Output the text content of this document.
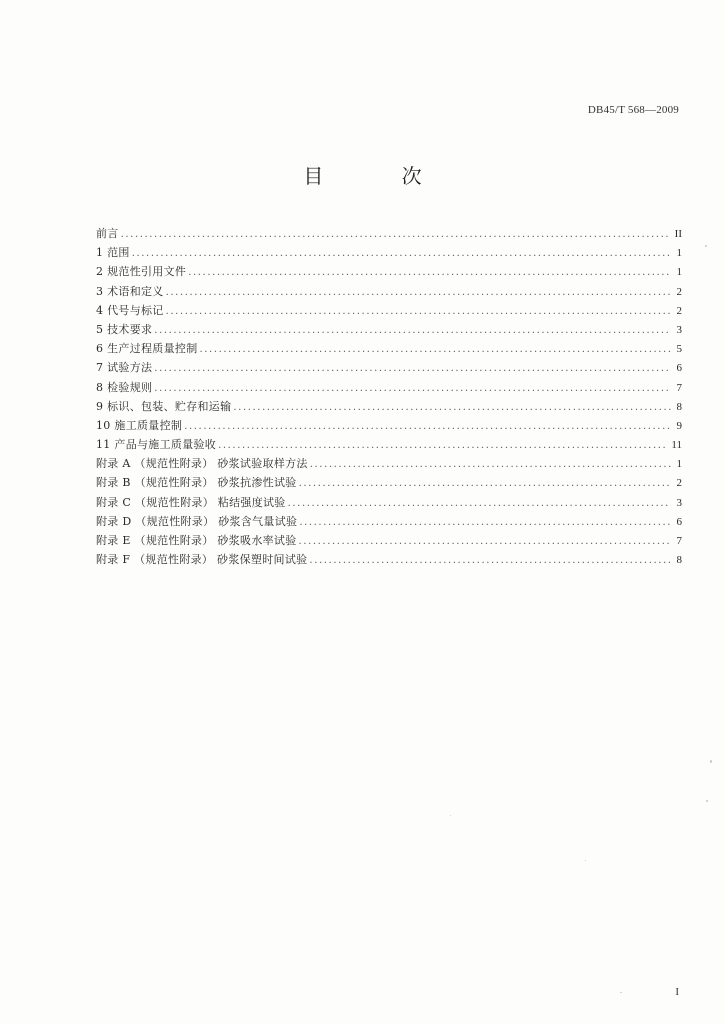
DB45/T 568—2009
目 次
前言 .....	II
1 范围 .....	1
2 规范性引用文件 .....	1
3 术语和定义 .....	2
4 代号与标记 .....	2
5 技术要求 .....	3
6 生产过程质量控制 .....	5
7 试验方法 .....	6
8 检验规则 .....	7
9 标识、包装、贮存和运输 .....	8
10 施工质量控制 .....	9
11 产品与施工质量验收 .....	11
附录 A （规范性附录） 砂浆试验取样方法 .....	1
附录 B （规范性附录） 砂浆抗渗性试验 .....	2
附录 C （规范性附录） 粘结强度试验 .....	3
附录 D （规范性附录） 砂浆含气量试验 .....	6
附录 E （规范性附录） 砂浆吸水率试验 .....	7
附录 F （规范性附录） 砂浆保塑时间试验 .....	8
I
